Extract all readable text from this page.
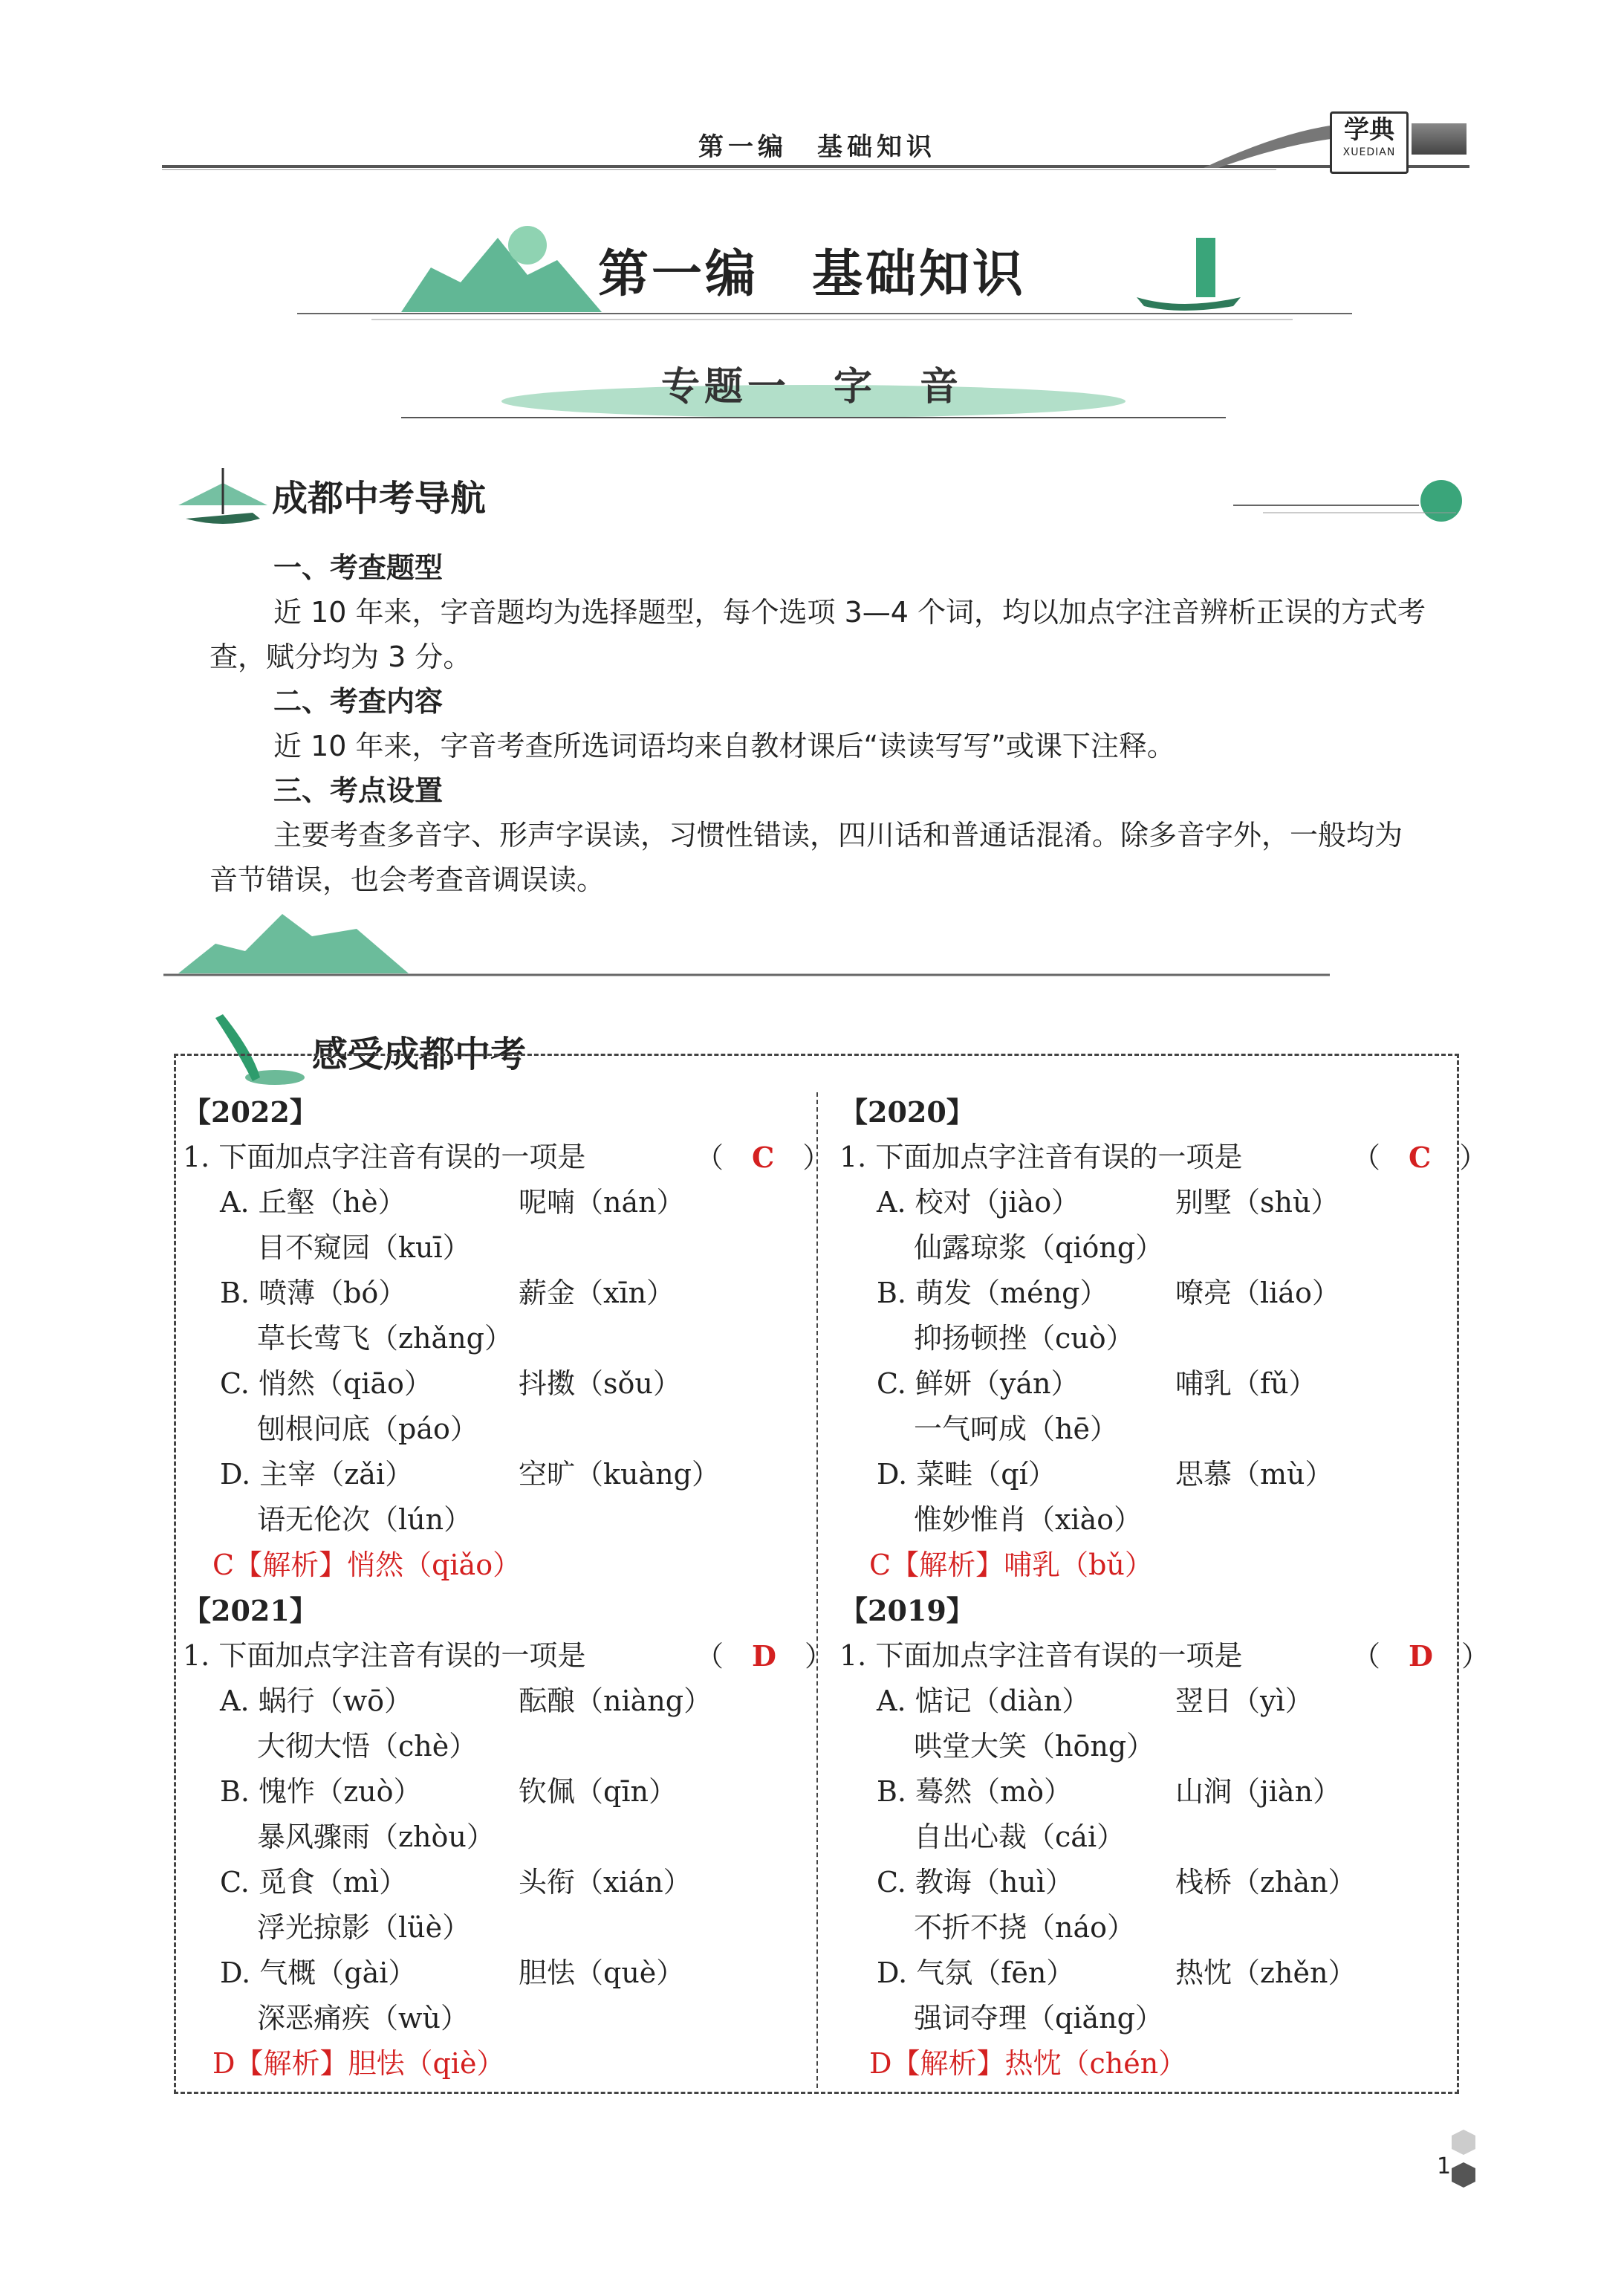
第一编　基础知识
学典
XUEDIAN
第一编　基础知识
专题一　字　音
成都中考导航
一、考查题型
近 10 年来，字音题均为选择题型，每个选项 3—4 个词，均以加点字注音辨析正误的方式考查，赋分均为 3 分。
二、考查内容
近 10 年来，字音考查所选词语均来自教材课后“读读写写”或课下注释。
三、考点设置
主要考查多音字、形声字误读，习惯性错读，四川话和普通话混淆。除多音字外，一般均为音节错误，也会考查音调误读。
感受成都中考
【2022】
1. 下面加点字注音有误的一项是	（　C　）
A. 丘壑（hè）	呢喃（nán）
目不窥园（kuī）
B. 喷薄（bó）	薪金（xīn）
草长莺飞（zhǎng）
C. 悄然（qiāo）	抖擞（sǒu）
刨根问底（páo）
D. 主宰（zǎi）	空旷（kuàng）
语无伦次（lún）
C【解析】悄然（qiǎo）
【2021】
1. 下面加点字注音有误的一项是	（　D　）
A. 蜗行（wō）	酝酿（niàng）
大彻大悟（chè）
B. 愧怍（zuò）	钦佩（qīn）
暴风骤雨（zhòu）
C. 觅食（mì）	头衔（xián）
浮光掠影（lüè）
D. 气概（gài）	胆怯（què）
深恶痛疾（wù）
D【解析】胆怯（qiè）
【2020】
1. 下面加点字注音有误的一项是	（　C　）
A. 校对（jiào）	别墅（shù）
仙露琼浆（qióng）
B. 萌发（méng） 嘹亮（liáo）
抑扬顿挫（cuò）
C. 鲜妍（yán）	哺乳（fǔ）
一气呵成（hē）
D. 菜畦（qí）	思慕（mù）
惟妙惟肖（xiào）
C【解析】哺乳（bǔ）
【2019】
1. 下面加点字注音有误的一项是	（　D　）
A. 惦记（diàn）	翌日（yì）
哄堂大笑（hōng）
B. 蓦然（mò）	山涧（jiàn）
自出心裁（cái）
C. 教诲（huì）	栈桥（zhàn）
不折不挠（náo）
D. 气氛（fēn）	热忱（zhěn）
强词夺理（qiǎng）
D【解析】热忱（chén）
1
